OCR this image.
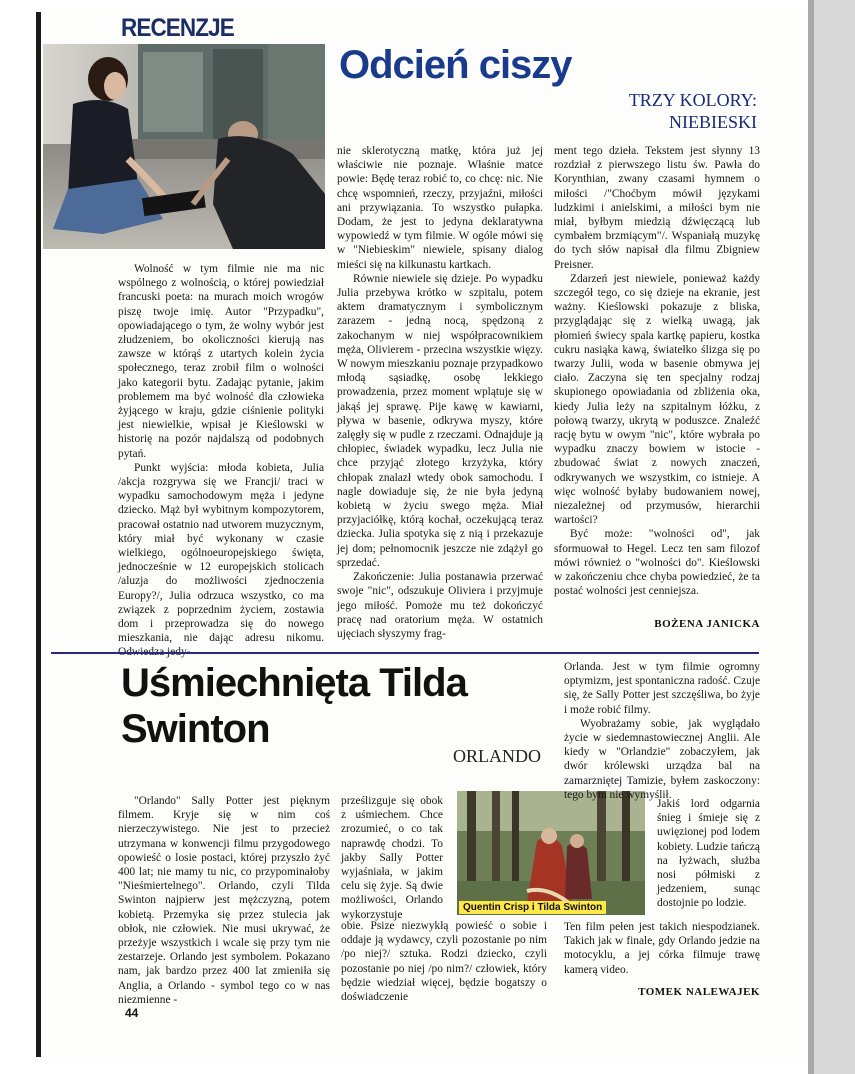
RECENZJE
Odcień ciszy
TRZY KOLORY:
NIEBIESKI

Wolność w tym filmie nie ma nic wspólnego z wolnością, o której powiedział francuski poeta: na murach moich wrogów piszę twoje imię. Autor "Przypadku", opowiadającego o tym, że wolny wybór jest złudzeniem, bo okoliczności kierują nas zawsze w którąś z utartych kolein życia społecznego, teraz zrobił film o wolności jako kategorii bytu. Zadając pytanie, jakim problemem ma być wolność dla człowieka żyjącego w kraju, gdzie ciśnienie polityki jest niewielkie, wpisał je Kieślowski w historię na pozór najdalszą od podobnych pytań.

Punkt wyjścia: młoda kobieta, Julia /akcja rozgrywa się we Francji/ traci w wypadku samochodowym męża i jedyne dziecko. Mąż był wybitnym kompozytorem, pracował ostatnio nad utworem muzycznym, który miał być wykonany w czasie wielkiego, ogólnoeuropejskiego święta, jednocześnie w 12 europejskich stolicach /aluzja do możliwości zjednoczenia Europy?/, Julia odrzuca wszystko, co ma związek z poprzednim życiem, zostawia dom i przeprowadza się do nowego mieszkania, nie dając adresu nikomu.

nie sklerotyczną matkę, która już jej właściwie nie poznaje. Właśnie matce powie: Będę teraz robić to, co chcę: nic. Nie chcę wspomnień, rzeczy, przyjaźni, miłości ani przywiązania. To wszystko pułapka. Dodam, że jest to jedyna deklaratywna wypowiedź w tym filmie. W ogóle mówi się w "Niebieskim" niewiele, spisany dialog mieści się na kilkunastu kartkach.

Równie niewiele się dzieje. Po wypadku Julia przebywa krótko w szpitalu, potem aktem dramatycznym i symbolicznym zarazem - jedną nocą, spędzoną z zakochanym w niej współpracownikiem męża, Olivierem - przecina wszystkie więzy. W nowym mieszkaniu poznaje przypadkowo młodą sąsiadkę, osobę lekkiego prowadzenia, przez moment wplątuje się w jakąś jej sprawę. Pije kawę w kawiarni, pływa w basenie, odkrywa myszy, które zalęgły się w pudle z rzeczami. Odnajduje ją chłopiec, świadek wypadku, lecz Julia nie chce przyjąć złotego krzyżyka, który chłopak znalazł wtedy obok samochodu. I nagle dowiaduje się, że nie była jedyną kobietą w życiu swego męża. Miał przyjaciółkę, którą kochał, oczekującą teraz dziecka. Julia spotyka się z nią i przekazuje jej dom; pełnomocnik jeszcze nie zdążył go sprzedać.

Zakończenie: Julia postanawia przerwać swoje "nic", odszukuje Oliviera i przyjmuje jego miłość. Pomoże mu też dokończyć pracę nad oratorium męża. W ostatnich ujęciach słyszymy frag-

ment tego dzieła. Tekstem jest słynny 13 rozdział z pierwszego listu św. Pawła do Korynthian, zwany czasami hymnem o miłości /"Choćbym mówił językami ludzkimi i anielskimi, a miłości bym nie miał, byłbym miedzią dźwięczącą lub cymbałem brzmiącym"/. Wspaniałą muzykę do tych słów napisał dla filmu Zbigniew Preisner.

Zdarzeń jest niewiele, ponieważ każdy szczegół tego, co się dzieje na ekranie, jest ważny. Kieślowski pokazuje z bliska, przyglądając się z wielką uwagą, jak płomień świecy spala kartkę papieru, kostka cukru nasiąka kawą, światełko ślizga się po twarzy Julii, woda w basenie obmywa jej ciało. Zaczyna się ten specjalny rodzaj skupionego opowiadania od zbliżenia oka, kiedy Julia leży na szpitalnym łóżku, z połową twarzy, ukrytą w poduszce. Znaleźć rację bytu w owym "nic", które wybrała po wypadku znaczy bowiem w istocie - zbudować świat z nowych znaczeń, odkrywanych we wszystkim, co istnieje. A więc wolność byłaby budowaniem nowej, niezależnej od przymusów, hierarchii wartości?

Być może: "wolności od", jak sformuował to Hegel. Lecz ten sam filozof mówi również o "wolności do". Kieślowski w zakończeniu chce chyba powiedzieć, że ta postać wolności jest cenniejsza.

BOŻENA JANICKA
Uśmiechnięta Tilda
Swinton
ORLANDO

"Orlando" Sally Potter jest pięknym filmem. Kryje się w nim coś nierzeczywistego. Nie jest to przecież utrzymana w konwencji filmu przygodowego opowieść o losie postaci, której przyszło żyć 400 lat; nie mamy tu nic, co przypominałoby "Nieśmiertelnego". Orlando, czyli Tilda Swinton najpierw jest mężczyzną, potem kobietą. Przemyka się przez stulecia jak obłok, nie człowiek. Nie musi ukrywać, że przeżyje wszystkich i wcale się przy tym nie zestarzeje. Orlando jest symbolem. Pokazano nam, jak bardzo przez 400 lat zmieniła się Anglia, a Orlando - symbol tego co w nas niezmienne -

44

prześlizguje się obok z uśmiechem. Chce zrozumieć, o co tak naprawdę chodzi. To jakby Sally Potter wyjaśniała, w jakim celu się żyje. Są dwie możliwości, Orlando wykorzystuje

Quentin Crisp i Tilda Swinton

obie. Psize niezwykłą powieść o sobie i oddaje ją wydawcy, czyli pozostanie po nim /po niej?/ sztuka. Rodzi dziecko, czyli pozostanie po niej /po nim?/ człowiek, który będzie wiedział więcej, będzie bogatszy o doświadczenie

Orlanda. Jest w tym filmie ogromny optymizm, jest spontaniczna radość. Czuje się, że Sally Potter jest szczęśliwa, bo żyje i może robić filmy.

Wyobrażamy sobie, jak wyglądało życie w siedemnastowiecznej Anglii. Ale kiedy w "Orlandzie" zobaczyłem, jak dwór królewski urządza bal na zamarzniętej Tamizie, byłem zaskoczony: tego bym nie wymyślił.

Jakiś lord odgarnia śnieg i śmieje się z uwięzionej pod lodem kobiety. Ludzie tańczą na łyżwach, służba nosi półmiski z jedzeniem, sunąc dostojnie po lodzie.

Ten film pełen jest takich niespodzianek. Takich jak w finale, gdy Orlando jedzie na motocyklu, a jej córka filmuje trawę kamerą video.

TOMEK NALEWAJEK
